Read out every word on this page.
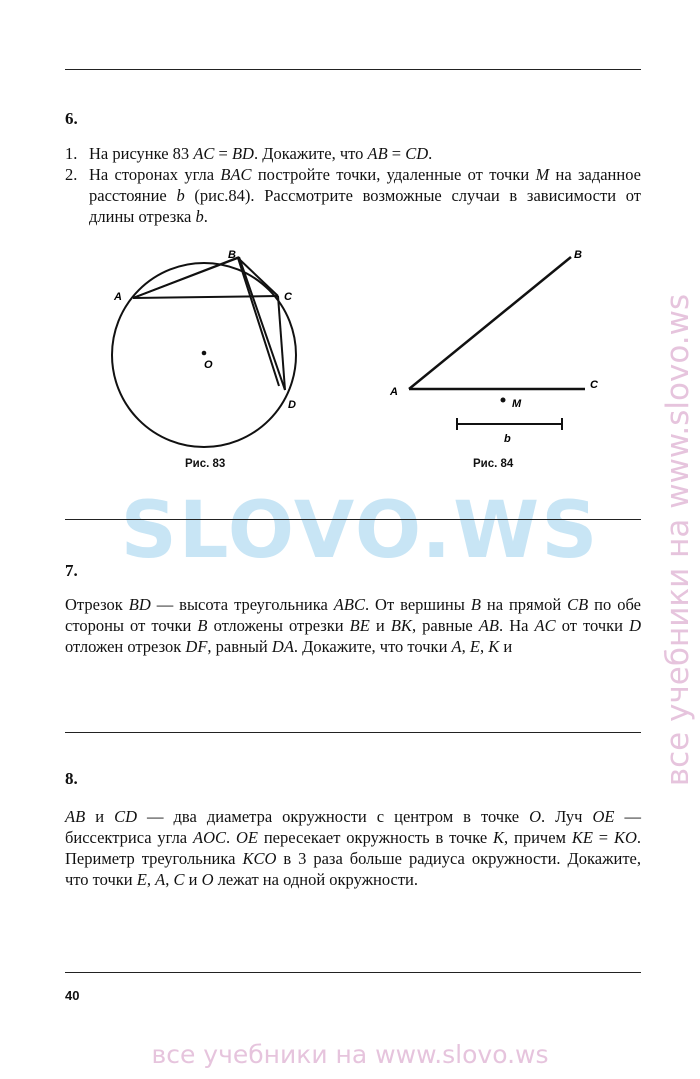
SLOVO.WS	все учебники на www.slovo.ws
все учебники на www.slovo.ws
6.
1. На рисунке 83 AC = BD. Докажите, что AB = CD.
2. На сторонах угла BAC постройте точки, удаленные от точки M на заданное расстояние b (рис.84). Рассмотрите возможные случаи в зависимости от длины отрезка b.
A
B
C
D
O
Рис. 83
A
B
C
M
b
Рис. 84
7.
Отрезок BD — высота треугольника ABC. От вершины B на прямой CB по обе стороны от точки B отложены отрезки BE и BK, равные AB. На AC от точки D отложен отрезок DF, равный DA. Докажите, что точки A, E, K и
8.
AB и CD — два диаметра окружности с центром в точке O. Луч OE — биссектриса угла AOC. OE пересекает окружность в точке K, причем KE = KO. Периметр треугольника KCO в 3 раза больше радиуса окружности. Докажите, что точки E, A, C и O лежат на одной окружности.
40
